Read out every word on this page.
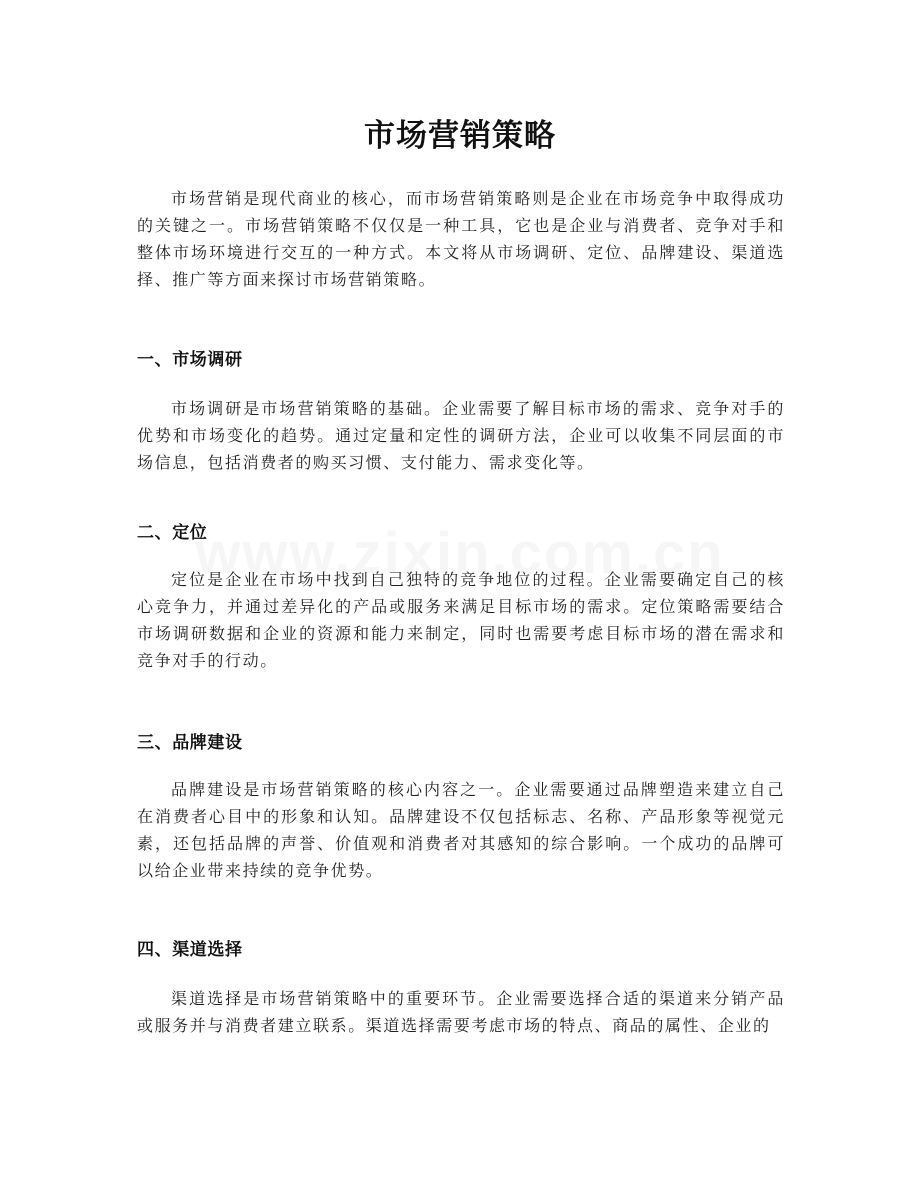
市场营销策略

市场营销是现代商业的核心，而市场营销策略则是企业在市场竞争中取得成功的关键之一。市场营销策略不仅仅是一种工具，它也是企业与消费者、竞争对手和整体市场环境进行交互的一种方式。本文将从市场调研、定位、品牌建设、渠道选择、推广等方面来探讨市场营销策略。

一、市场调研

市场调研是市场营销策略的基础。企业需要了解目标市场的需求、竞争对手的优势和市场变化的趋势。通过定量和定性的调研方法，企业可以收集不同层面的市场信息，包括消费者的购买习惯、支付能力、需求变化等。

二、定位

定位是企业在市场中找到自己独特的竞争地位的过程。企业需要确定自己的核心竞争力，并通过差异化的产品或服务来满足目标市场的需求。定位策略需要结合市场调研数据和企业的资源和能力来制定，同时也需要考虑目标市场的潜在需求和竞争对手的行动。

三、品牌建设

品牌建设是市场营销策略的核心内容之一。企业需要通过品牌塑造来建立自己在消费者心目中的形象和认知。品牌建设不仅包括标志、名称、产品形象等视觉元素，还包括品牌的声誉、价值观和消费者对其感知的综合影响。一个成功的品牌可以给企业带来持续的竞争优势。

四、渠道选择

渠道选择是市场营销策略中的重要环节。企业需要选择合适的渠道来分销产品或服务并与消费者建立联系。渠道选择需要考虑市场的特点、商品的属性、企业的
